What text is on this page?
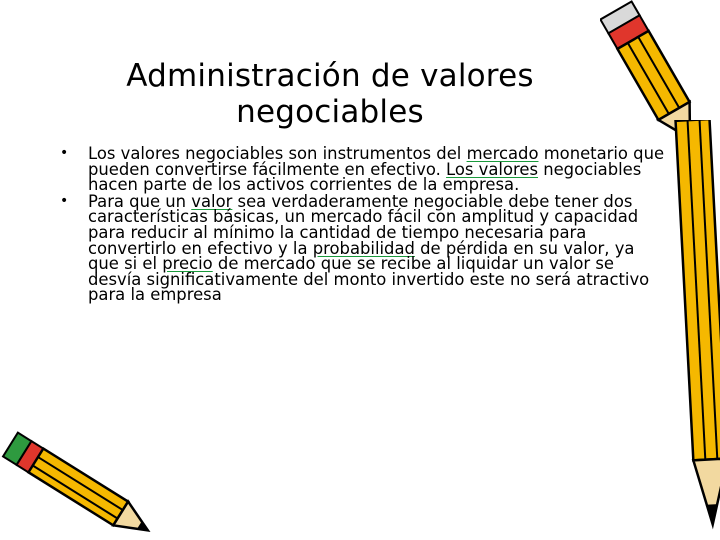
Administración de valores negociables
• Los valores negociables son instrumentos del mercado monetario que pueden convertirse fácilmente en efectivo. Los valores negociables hacen parte de los activos corrientes de la empresa.
• Para que un valor sea verdaderamente negociable debe tener dos características básicas, un mercado fácil con amplitud y capacidad para reducir al mínimo la cantidad de tiempo necesaria para convertirlo en efectivo y la probabilidad de pérdida en su valor, ya que si el precio de mercado que se recibe al liquidar un valor se desvía significativamente del monto invertido este no será atractivo para la empresa
